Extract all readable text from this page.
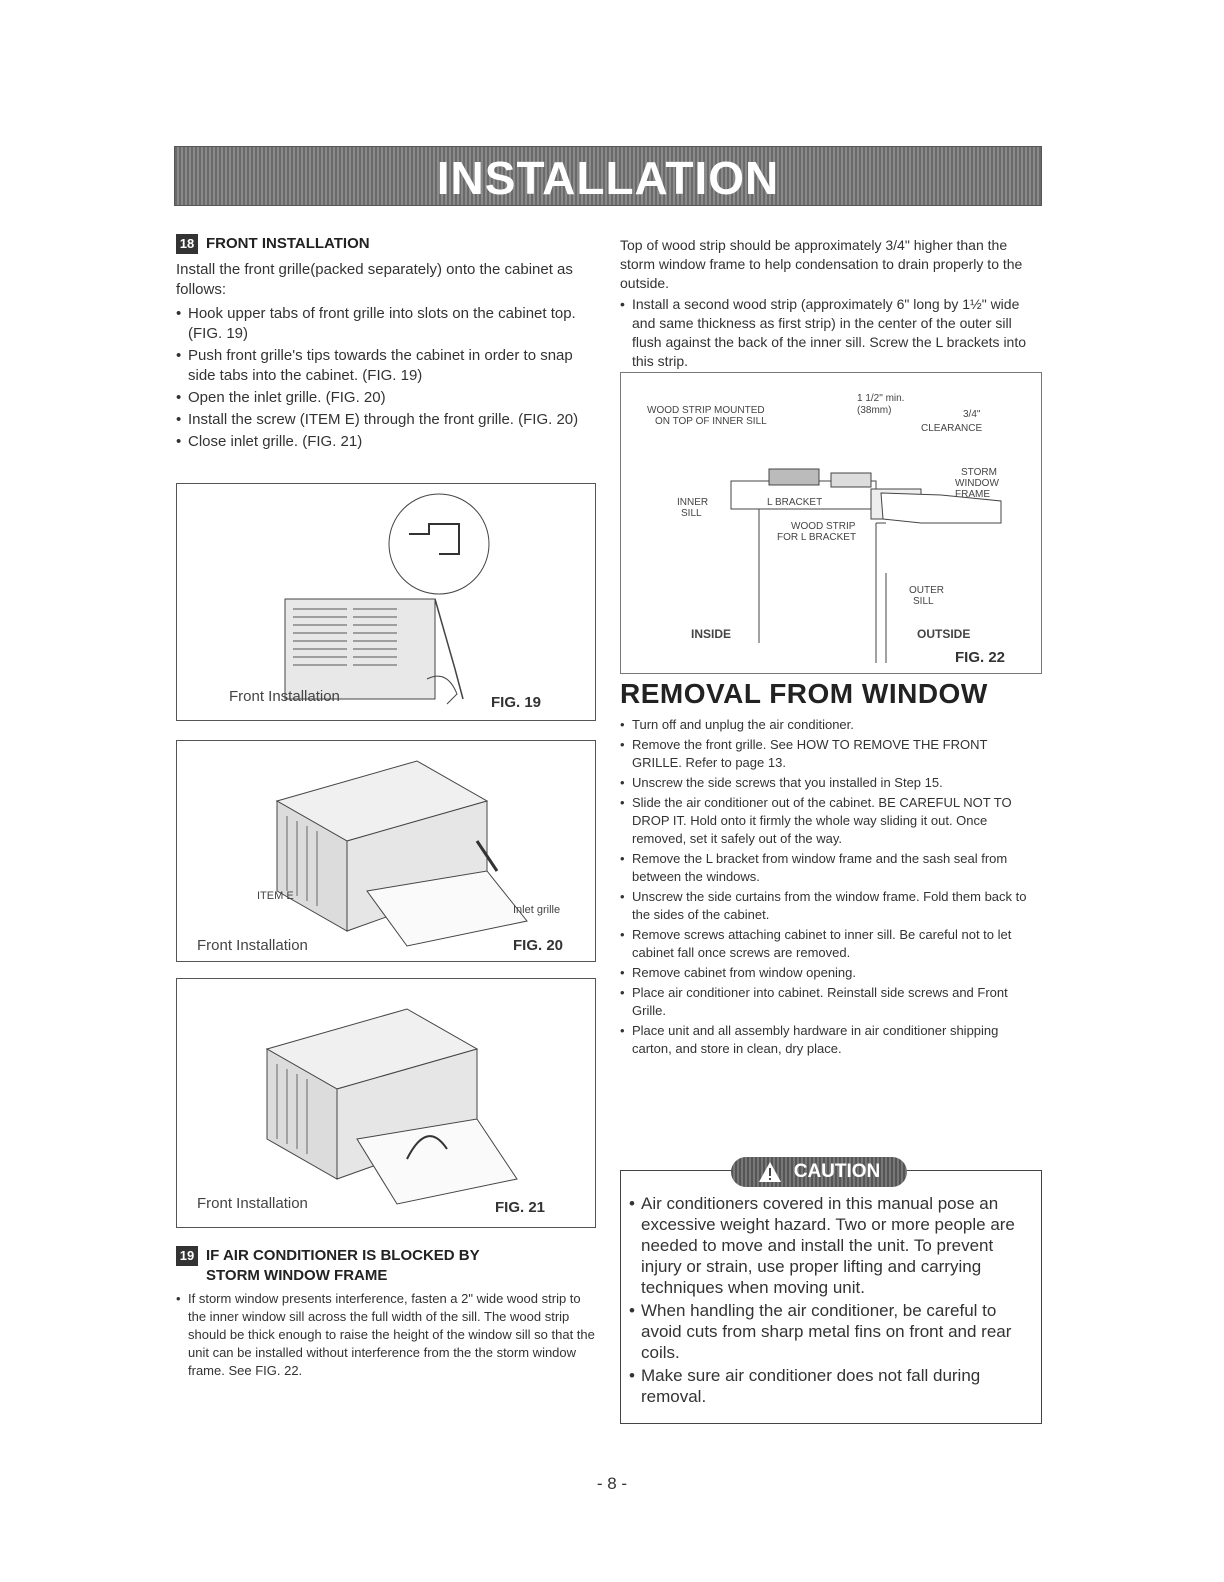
INSTALLATION
18 FRONT INSTALLATION

Install the front grille(packed separately) onto the cabinet as follows:

• Hook upper tabs of front grille into slots on the cabinet top. (FIG. 19)
• Push front grille's tips towards the cabinet in order to snap side tabs into the cabinet. (FIG. 19)
• Open the inlet grille. (FIG. 20)
• Install the screw (ITEM E) through the front grille. (FIG. 20)
• Close inlet grille. (FIG. 21)
Front Installation	FIG. 19
ITEM E
Inlet grille
Front Installation	FIG. 20
Front Installation	FIG. 21
19 IF AIR CONDITIONER IS BLOCKED BY
STORM WINDOW FRAME
• If storm window presents interference, fasten a 2" wide wood strip to the inner window sill across the full width of the sill. The wood strip should be thick enough to raise the height of the window sill so that the unit can be installed without interference from the the storm window frame. See FIG. 22.

Top of wood strip should be approximately 3/4" higher than the storm window frame to help condensation to drain properly to the outside.

• Install a second wood strip (approximately 6" long by 1½" wide and same thickness as first strip) in the center of the outer sill flush against the back of the inner sill. Screw the L brackets into this strip.

WOOD STRIP MOUNTED
ON TOP OF INNER SILL
1 1/2" min.
(38mm)	3/4"
CLEARANCE
STORM
WINDOW
FRAME
INNER
SILL
L BRACKET
WOOD STRIP
FOR L BRACKET
OUTER
SILL
INSIDE	OUTSIDE
FIG. 22
REMOVAL FROM WINDOW
• Turn off and unplug the air conditioner.
• Remove the front grille. See HOW TO REMOVE THE FRONT GRILLE. Refer to page 13.
• Unscrew the side screws that you installed in Step 15.
• Slide the air conditioner out of the cabinet. BE CAREFUL NOT TO DROP IT. Hold onto it firmly the whole way sliding it out. Once removed, set it safely out of the way.
• Remove the L bracket from window frame and the sash seal from between the windows.
• Unscrew the side curtains from the window frame. Fold them back to the sides of the cabinet.
• Remove screws attaching cabinet to inner sill. Be careful not to let cabinet fall once screws are removed.
• Remove cabinet from window opening.
• Place air conditioner into cabinet. Reinstall side screws and Front Grille.
• Place unit and all assembly hardware in air conditioner shipping carton, and store in clean, dry place.
CAUTION
• Air conditioners covered in this manual pose an excessive weight hazard. Two or more people are needed to move and install the unit. To prevent injury or strain, use proper lifting and carrying techniques when moving unit.
• When handling the air conditioner, be careful to avoid cuts from sharp metal fins on front and rear coils.
• Make sure air conditioner does not fall during removal.
- 8 -
